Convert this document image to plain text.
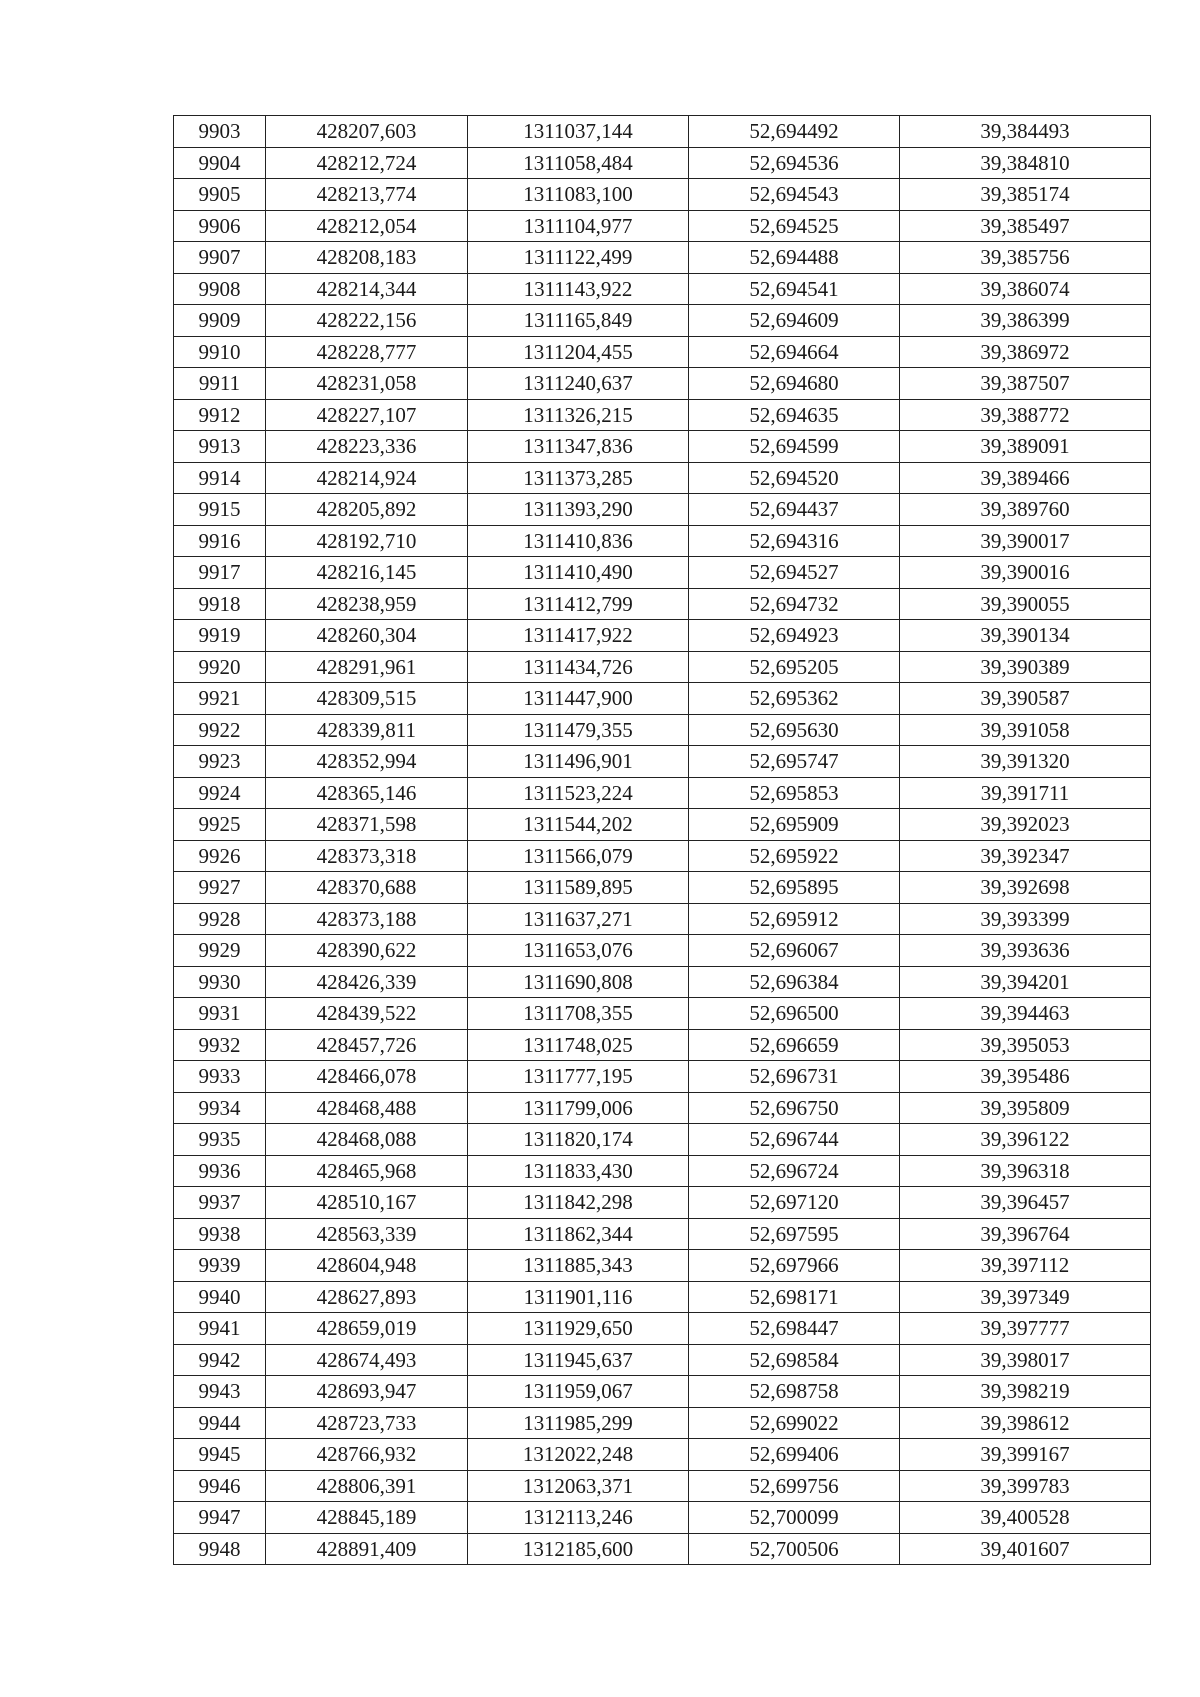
9903	428207,603	1311037,144	52,694492	39,384493
9904	428212,724	1311058,484	52,694536	39,384810
9905	428213,774	1311083,100	52,694543	39,385174
9906	428212,054	1311104,977	52,694525	39,385497
9907	428208,183	1311122,499	52,694488	39,385756
9908	428214,344	1311143,922	52,694541	39,386074
9909	428222,156	1311165,849	52,694609	39,386399
9910	428228,777	1311204,455	52,694664	39,386972
9911	428231,058	1311240,637	52,694680	39,387507
9912	428227,107	1311326,215	52,694635	39,388772
9913	428223,336	1311347,836	52,694599	39,389091
9914	428214,924	1311373,285	52,694520	39,389466
9915	428205,892	1311393,290	52,694437	39,389760
9916	428192,710	1311410,836	52,694316	39,390017
9917	428216,145	1311410,490	52,694527	39,390016
9918	428238,959	1311412,799	52,694732	39,390055
9919	428260,304	1311417,922	52,694923	39,390134
9920	428291,961	1311434,726	52,695205	39,390389
9921	428309,515	1311447,900	52,695362	39,390587
9922	428339,811	1311479,355	52,695630	39,391058
9923	428352,994	1311496,901	52,695747	39,391320
9924	428365,146	1311523,224	52,695853	39,391711
9925	428371,598	1311544,202	52,695909	39,392023
9926	428373,318	1311566,079	52,695922	39,392347
9927	428370,688	1311589,895	52,695895	39,392698
9928	428373,188	1311637,271	52,695912	39,393399
9929	428390,622	1311653,076	52,696067	39,393636
9930	428426,339	1311690,808	52,696384	39,394201
9931	428439,522	1311708,355	52,696500	39,394463
9932	428457,726	1311748,025	52,696659	39,395053
9933	428466,078	1311777,195	52,696731	39,395486
9934	428468,488	1311799,006	52,696750	39,395809
9935	428468,088	1311820,174	52,696744	39,396122
9936	428465,968	1311833,430	52,696724	39,396318
9937	428510,167	1311842,298	52,697120	39,396457
9938	428563,339	1311862,344	52,697595	39,396764
9939	428604,948	1311885,343	52,697966	39,397112
9940	428627,893	1311901,116	52,698171	39,397349
9941	428659,019	1311929,650	52,698447	39,397777
9942	428674,493	1311945,637	52,698584	39,398017
9943	428693,947	1311959,067	52,698758	39,398219
9944	428723,733	1311985,299	52,699022	39,398612
9945	428766,932	1312022,248	52,699406	39,399167
9946	428806,391	1312063,371	52,699756	39,399783
9947	428845,189	1312113,246	52,700099	39,400528
9948	428891,409	1312185,600	52,700506	39,401607
